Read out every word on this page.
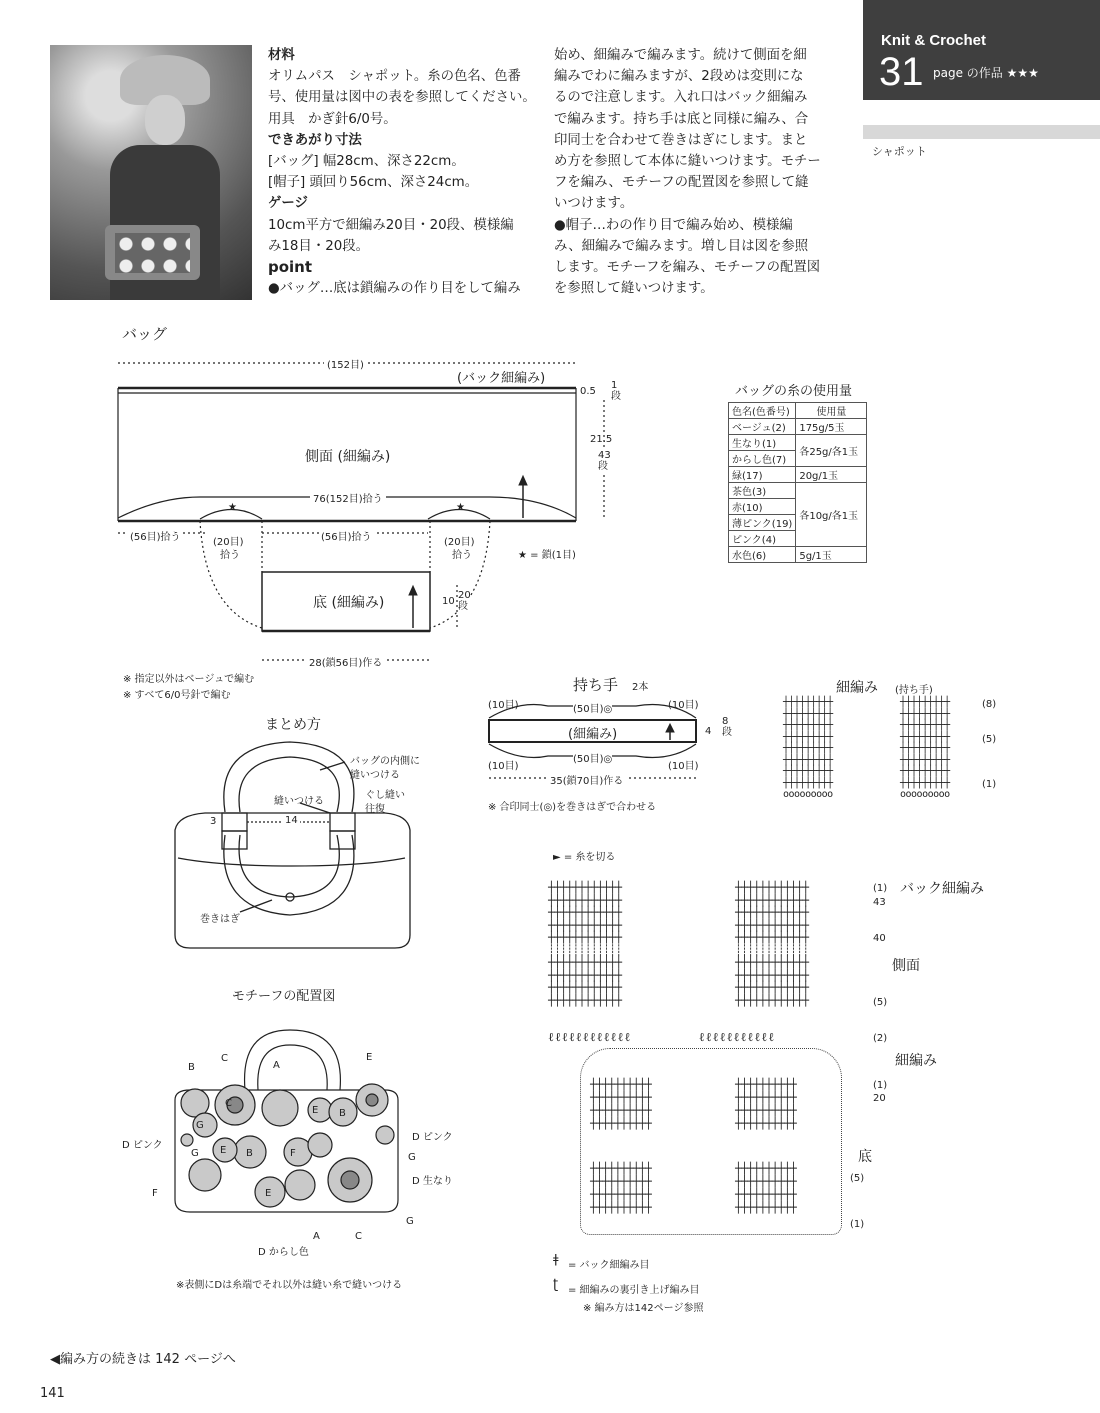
Knit & Crochet
31 page の作品 ★★★
シャポット
材料
オリムパス　シャポット。糸の色名、色番
号、使用量は図中の表を参照してください。
用具　かぎ針6/0号。
できあがり寸法
[バッグ] 幅28cm、深さ22cm。
[帽子] 頭回り56cm、深さ24cm。
ゲージ
10cm平方で細編み20目・20段、模様編
み18目・20段。
point
●バッグ…底は鎖編みの作り目をして編み
始め、細編みで編みます。続けて側面を細
編みでわに編みますが、2段めは変則にな
るので注意します。入れ口はバック細編み
で編みます。持ち手は底と同様に編み、合
印同士を合わせて巻きはぎにします。まと
め方を参照して本体に縫いつけます。モチー
フを編み、モチーフの配置図を参照して縫
いつけます。
●帽子…わの作り目で編み始め、模様編
み、細編みで編みます。増し目は図を参照
します。モチーフを編み、モチーフの配置図
を参照して縫いつけます。
バッグ
(152目)
(バック細編み)
0.5
1段
側面 (細編み)
21.5
43段
76(152目)拾う
★	★
★ = 鎖(1目)
(56目)拾う	(56目)拾う
(20目)
拾う
(20目)
拾う
底 (細編み)	10
20段
28(鎖56目)作る
※ 指定以外はベージュで編む
※ すべて6/0号針で編む
バッグの糸の使用量
色名(色番号)	使用量
ベージュ(2)	175g/5玉
生なり(1)	各25g/各1玉
からし色(7)	
緑(17)	20g/1玉
茶色(3)	各10g/各1玉
赤(10)	
薄ピンク(19)	
ピンク(4)	
水色(6)	5g/1玉
持ち手 2本
(10目)	(50目)◎	(10目)
(細編み)
(10目)
(50目)◎
(10目)
4
8段
35(鎖70目)作る
※ 合印同士(◎)を巻きはぎで合わせる
細編み (持ち手)
(8)
(5)
(1)
┼┼┼┼┼┼┼┼┼
┼┼┼┼┼┼┼┼┼
┼┼┼┼┼┼┼┼┼
┼┼┼┼┼┼┼┼┼
┼┼┼┼┼┼┼┼┼
┼┼┼┼┼┼┼┼┼
┼┼┼┼┼┼┼┼┼
┼┼┼┼┼┼┼┼┼
ooooooooo
┼┼┼┼┼┼┼┼┼
┼┼┼┼┼┼┼┼┼
┼┼┼┼┼┼┼┼┼
┼┼┼┼┼┼┼┼┼
┼┼┼┼┼┼┼┼┼
┼┼┼┼┼┼┼┼┼
┼┼┼┼┼┼┼┼┼
┼┼┼┼┼┼┼┼┼
ooooooooo
► = 糸を切る
┼┼┼┼┼┼┼┼┼┼┼┼
┼┼┼┼┼┼┼┼┼┼┼┼
┼┼┼┼┼┼┼┼┼┼┼┼
┼┼┼┼┼┼┼┼┼┼┼┼
┼┼┼┼┼┼┼┼┼┼┼┼
┊┊┊┊┊┊┊┊┊┊┊┊
┼┼┼┼┼┼┼┼┼┼┼┼
┼┼┼┼┼┼┼┼┼┼┼┼
┼┼┼┼┼┼┼┼┼┼┼┼
┼┼┼┼┼┼┼┼┼┼┼┼
┼┼┼┼┼┼┼┼┼┼┼┼
┼┼┼┼┼┼┼┼┼┼┼┼
┼┼┼┼┼┼┼┼┼┼┼┼
┼┼┼┼┼┼┼┼┼┼┼┼
┼┼┼┼┼┼┼┼┼┼┼┼
┊┊┊┊┊┊┊┊┊┊┊┊
┼┼┼┼┼┼┼┼┼┼┼┼
┼┼┼┼┼┼┼┼┼┼┼┼
┼┼┼┼┼┼┼┼┼┼┼┼
┼┼┼┼┼┼┼┼┼┼┼┼
ℓℓℓℓℓℓℓℓℓℓℓℓ        ℓℓℓℓℓℓℓℓℓℓℓ
┼┼┼┼┼┼┼┼┼┼
┼┼┼┼┼┼┼┼┼┼
┼┼┼┼┼┼┼┼┼┼
┼┼┼┼┼┼┼┼┼┼
┼┼┼┼┼┼┼┼┼┼
┼┼┼┼┼┼┼┼┼┼
┼┼┼┼┼┼┼┼┼┼
┼┼┼┼┼┼┼┼┼┼
┼┼┼┼┼┼┼┼┼┼
┼┼┼┼┼┼┼┼┼┼
┼┼┼┼┼┼┼┼┼┼
┼┼┼┼┼┼┼┼┼┼
┼┼┼┼┼┼┼┼┼┼
┼┼┼┼┼┼┼┼┼┼
┼┼┼┼┼┼┼┼┼┼
┼┼┼┼┼┼┼┼┼┼
バック細編み
側面
細編み
底
(1)
43
40
(5)
(2)
(1)
20
(5)
(1)
ǂ = バック細編み目
ʈ = 細編みの裏引き上げ編み目
※ 編み方は142ページ参照
まとめ方
バッグの内側に
縫いつける
縫いつける
ぐし縫い
往復
3	14
巻きはぎ
モチーフの配置図
C
A
E
B
C
E B
G
E B	F
E
G	G
G
F
D ピンク
D ピンク
D 生なり
D からし色
A	C
※表側にDは糸端でそれ以外は縫い糸で縫いつける
◀編み方の続きは 142 ページへ
141
